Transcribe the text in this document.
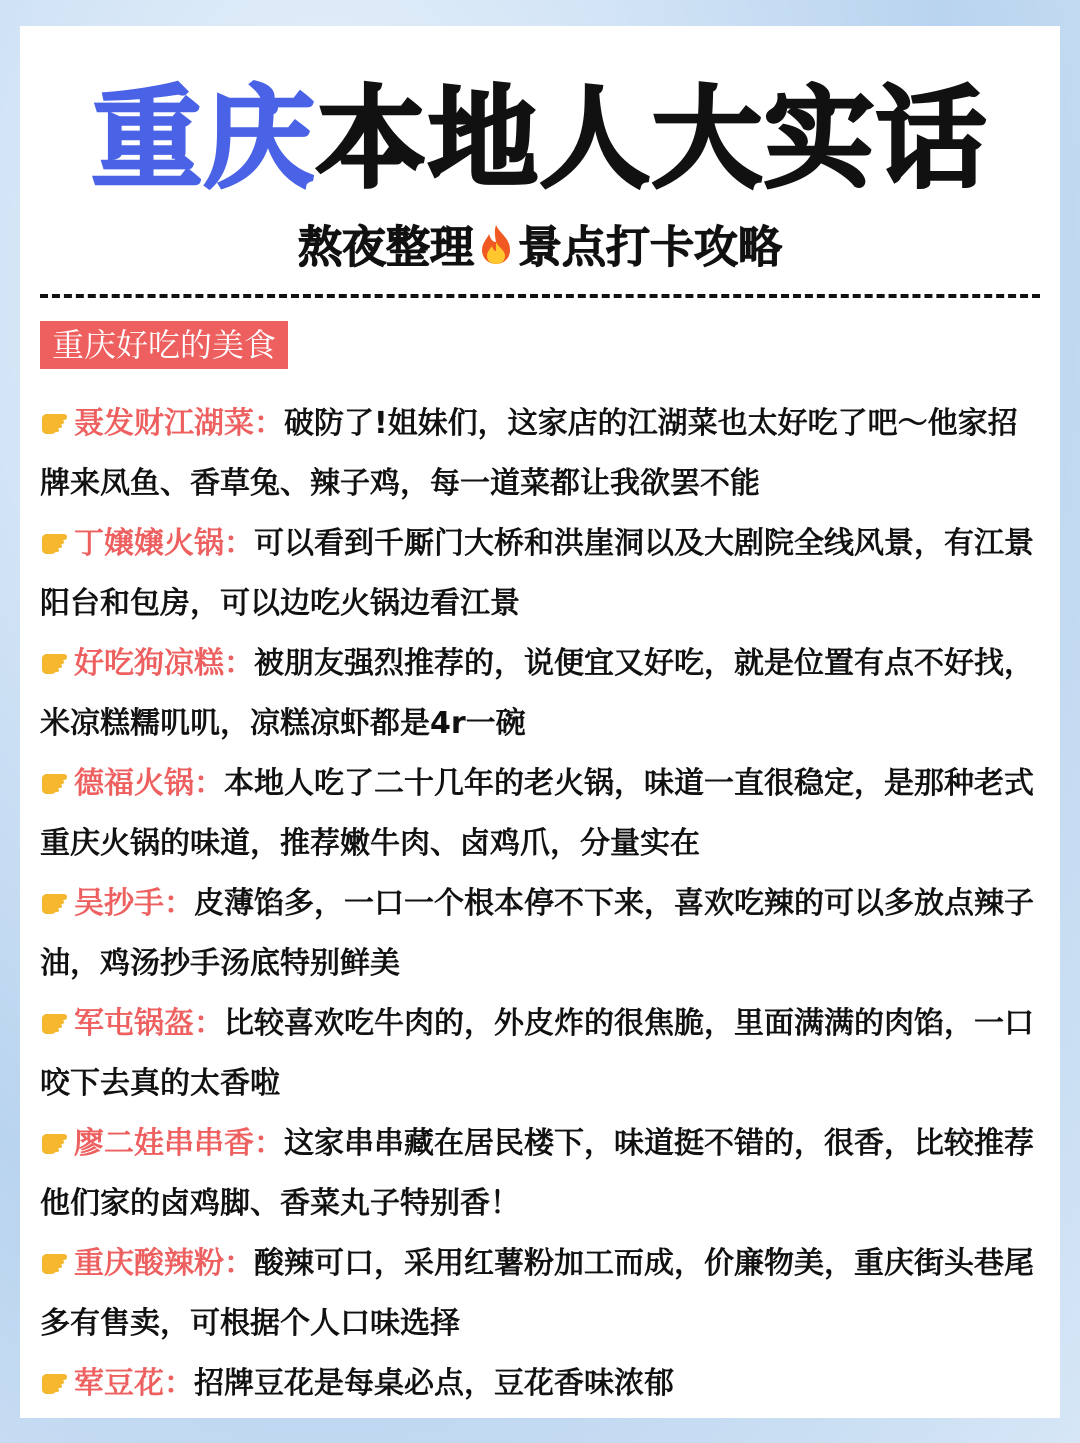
重庆本地人大实话
熬夜整理 景点打卡攻略
重庆好吃的美食

聂发财江湖菜：破防了!姐妹们，这家店的江湖菜也太好吃了吧～他家招牌来凤鱼、香草兔、辣子鸡，每一道菜都让我欲罢不能

丁嬢嬢火锅：可以看到千厮门大桥和洪崖洞以及大剧院全线风景，有江景阳台和包房，可以边吃火锅边看江景

好吃狗凉糕：被朋友强烈推荐的，说便宜又好吃，就是位置有点不好找，米凉糕糯叽叽，凉糕凉虾都是4r一碗

德福火锅：本地人吃了二十几年的老火锅，味道一直很稳定，是那种老式重庆火锅的味道，推荐嫩牛肉、卤鸡爪，分量实在

吴抄手：皮薄馅多，一口一个根本停不下来，喜欢吃辣的可以多放点辣子油，鸡汤抄手汤底特别鲜美

军屯锅盔：比较喜欢吃牛肉的，外皮炸的很焦脆，里面满满的肉馅，一口咬下去真的太香啦

廖二娃串串香：这家串串藏在居民楼下，味道挺不错的，很香，比较推荐他们家的卤鸡脚、香菜丸子特别香！

重庆酸辣粉：酸辣可口，采用红薯粉加工而成，价廉物美，重庆街头巷尾多有售卖，可根据个人口味选择

荤豆花：招牌豆花是每桌必点，豆花香味浓郁
